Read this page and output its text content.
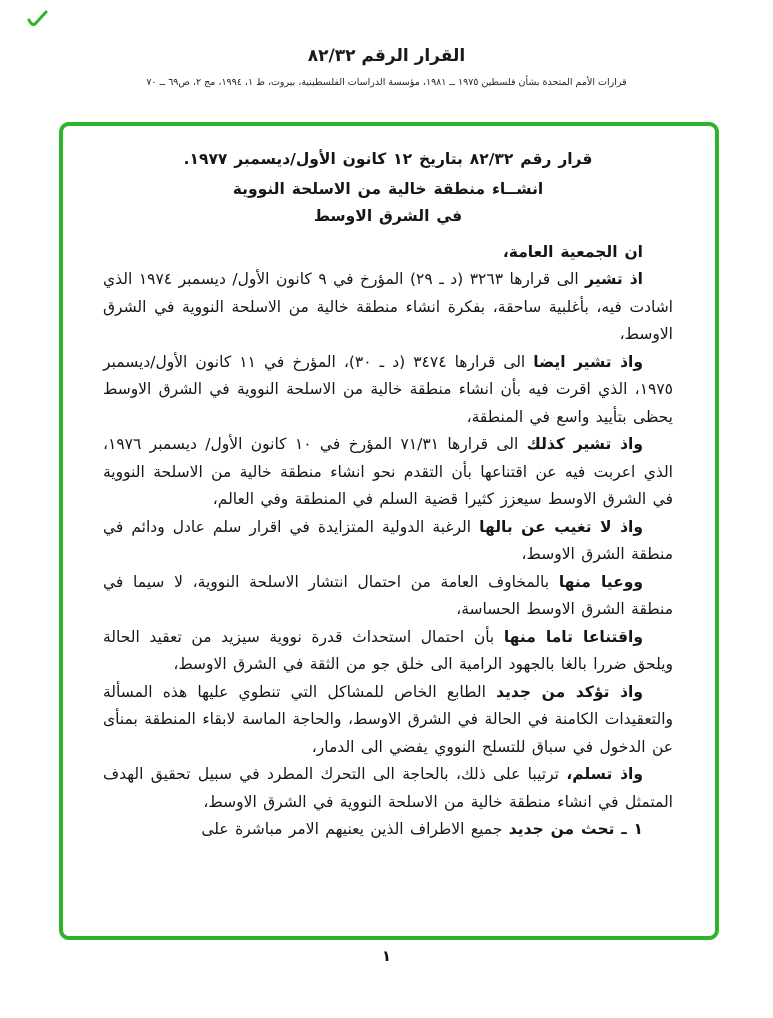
القرار الرقم ٨٢/٣٢
قرارات الأمم المتحدة بشأن فلسطين ١٩٧٥ ــ ١٩٨١، مؤسسة الدراسات الفلسطينية، بيروت، ط ١، ١٩٩٤، مج ٢، ص٦٩ ــ ٧٠
قرار رقم ٨٢/٣٢ بتاريخ ١٢ كانون الأول/ديسمبر ١٩٧٧.
انشــاء منطقة خالية من الاسلحة النووية
في الشرق الاوسط

ان الجمعية العامة،

اذ تشير الى قرارها ٣٢٦٣ (د ـ ٢٩) المؤرخ في ٩ كانون الأول/ ديسمبر ١٩٧٤ الذي اشادت فيه، بأغلبية ساحقة، بفكرة انشاء منطقة خالية من الاسلحة النووية في الشرق الاوسط،

واذ تشير ايضا الى قرارها ٣٤٧٤ (د ـ ٣٠)، المؤرخ في ١١ كانون الأول/ديسمبر ١٩٧٥، الذي اقرت فيه بأن انشاء منطقة خالية من الاسلحة النووية في الشرق الاوسط يحظى بتأييد واسع في المنطقة،

واذ تشير كذلك الى قرارها ٧١/٣١ المؤرخ في ١٠ كانون الأول/ ديسمبر ١٩٧٦، الذي اعربت فيه عن اقتناعها بأن التقدم نحو انشاء منطقة خالية من الاسلحة النووية في الشرق الاوسط سيعزز كثيرا قضية السلم في المنطقة وفي العالم،

واذ لا تغيب عن بالها الرغبة الدولية المتزايدة في اقرار سلم عادل ودائم في منطقة الشرق الاوسط،

ووعيا منها بالمخاوف العامة من احتمال انتشار الاسلحة النووية، لا سيما في منطقة الشرق الاوسط الحساسة،

واقتناعا تاما منها بأن احتمال استحداث قدرة نووية سيزيد من تعقيد الحالة ويلحق ضررا بالغا بالجهود الرامية الى خلق جو من الثقة في الشرق الاوسط،

واذ تؤكد من جديد الطابع الخاص للمشاكل التي تنطوي عليها هذه المسألة والتعقيدات الكامنة في الحالة في الشرق الاوسط، والحاجة الماسة لابقاء المنطقة بمنأى عن الدخول في سباق للتسلح النووي يفضي الى الدمار،

واذ تسلم، ترتيبا على ذلك، بالحاجة الى التحرك المطرد في سبيل تحقيق الهدف المتمثل في انشاء منطقة خالية من الاسلحة النووية في الشرق الاوسط،

١ ـ تحث من جديد جميع الاطراف الذين يعنيهم الامر مباشرة على

١
